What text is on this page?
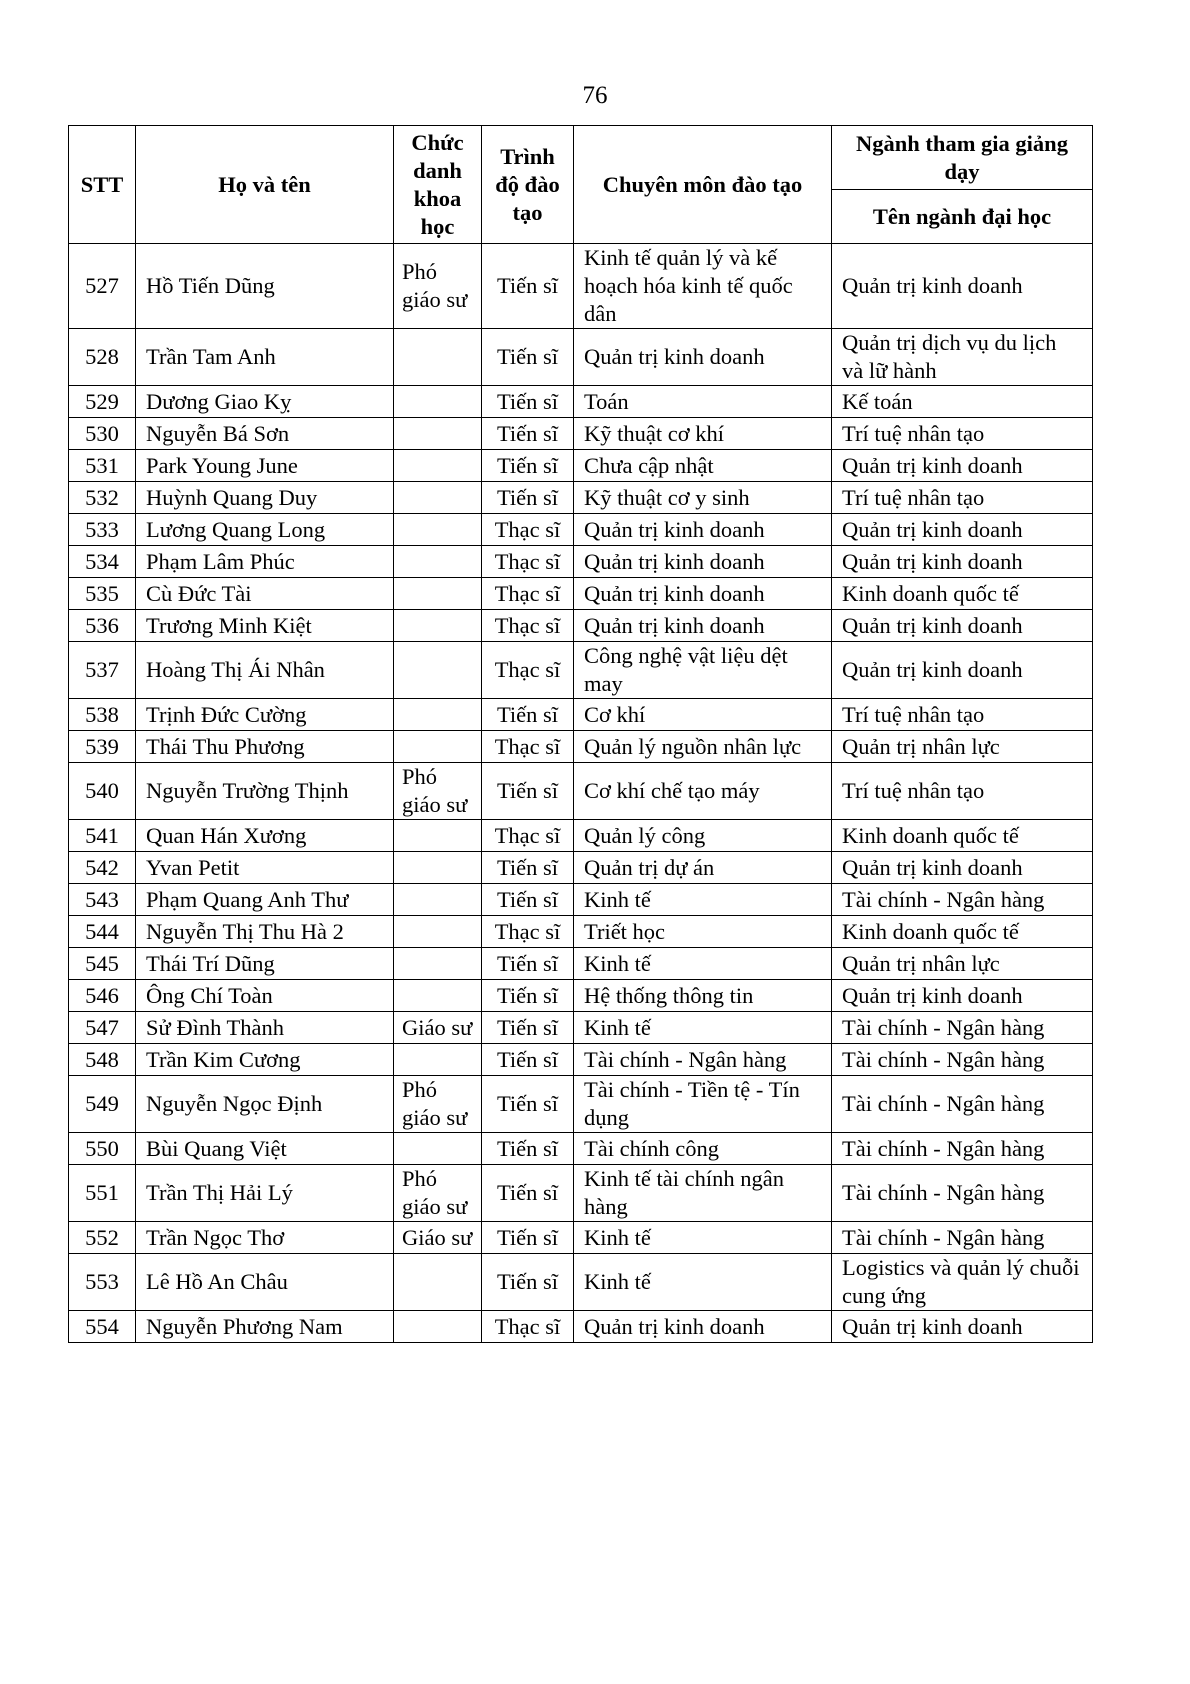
76
STT	Họ và tên	Chức danh khoa học	Trình độ đào tạo	Chuyên môn đào tạo	Ngành tham gia giảng dạy
					Tên ngành đại học
527	Hồ Tiến Dũng	Phó giáo sư	Tiến sĩ	Kinh tế quản lý và kế hoạch hóa kinh tế quốc dân	Quản trị kinh doanh
528	Trần Tam Anh		Tiến sĩ	Quản trị kinh doanh	Quản trị dịch vụ du lịch và lữ hành
529	Dương Giao Kỵ		Tiến sĩ	Toán	Kế toán
530	Nguyễn Bá Sơn		Tiến sĩ	Kỹ thuật cơ khí	Trí tuệ nhân tạo
531	Park Young June		Tiến sĩ	Chưa cập nhật	Quản trị kinh doanh
532	Huỳnh Quang Duy		Tiến sĩ	Kỹ thuật cơ y sinh	Trí tuệ nhân tạo
533	Lương Quang Long		Thạc sĩ	Quản trị kinh doanh	Quản trị kinh doanh
534	Phạm Lâm Phúc		Thạc sĩ	Quản trị kinh doanh	Quản trị kinh doanh
535	Cù Đức Tài		Thạc sĩ	Quản trị kinh doanh	Kinh doanh quốc tế
536	Trương Minh Kiệt		Thạc sĩ	Quản trị kinh doanh	Quản trị kinh doanh
537	Hoàng Thị Ái Nhân		Thạc sĩ	Công nghệ vật liệu dệt may	Quản trị kinh doanh
538	Trịnh Đức Cường		Tiến sĩ	Cơ khí	Trí tuệ nhân tạo
539	Thái Thu Phương		Thạc sĩ	Quản lý nguồn nhân lực	Quản trị nhân lực
540	Nguyễn Trường Thịnh	Phó giáo sư	Tiến sĩ	Cơ khí chế tạo máy	Trí tuệ nhân tạo
541	Quan Hán Xương		Thạc sĩ	Quản lý công	Kinh doanh quốc tế
542	Yvan Petit		Tiến sĩ	Quản trị dự án	Quản trị kinh doanh
543	Phạm Quang Anh Thư		Tiến sĩ	Kinh tế	Tài chính - Ngân hàng
544	Nguyễn Thị Thu Hà 2		Thạc sĩ	Triết học	Kinh doanh quốc tế
545	Thái Trí Dũng		Tiến sĩ	Kinh tế	Quản trị nhân lực
546	Ông Chí Toàn		Tiến sĩ	Hệ thống thông tin	Quản trị kinh doanh
547	Sử Đình Thành	Giáo sư	Tiến sĩ	Kinh tế	Tài chính - Ngân hàng
548	Trần Kim Cương		Tiến sĩ	Tài chính - Ngân hàng	Tài chính - Ngân hàng
549	Nguyễn Ngọc Định	Phó giáo sư	Tiến sĩ	Tài chính - Tiền tệ - Tín dụng	Tài chính - Ngân hàng
550	Bùi Quang Việt		Tiến sĩ	Tài chính công	Tài chính - Ngân hàng
551	Trần Thị Hải Lý	Phó giáo sư	Tiến sĩ	Kinh tế tài chính ngân hàng	Tài chính - Ngân hàng
552	Trần Ngọc Thơ	Giáo sư	Tiến sĩ	Kinh tế	Tài chính - Ngân hàng
553	Lê Hồ An Châu		Tiến sĩ	Kinh tế	Logistics và quản lý chuỗi cung ứng
554	Nguyễn Phương Nam		Thạc sĩ	Quản trị kinh doanh	Quản trị kinh doanh
